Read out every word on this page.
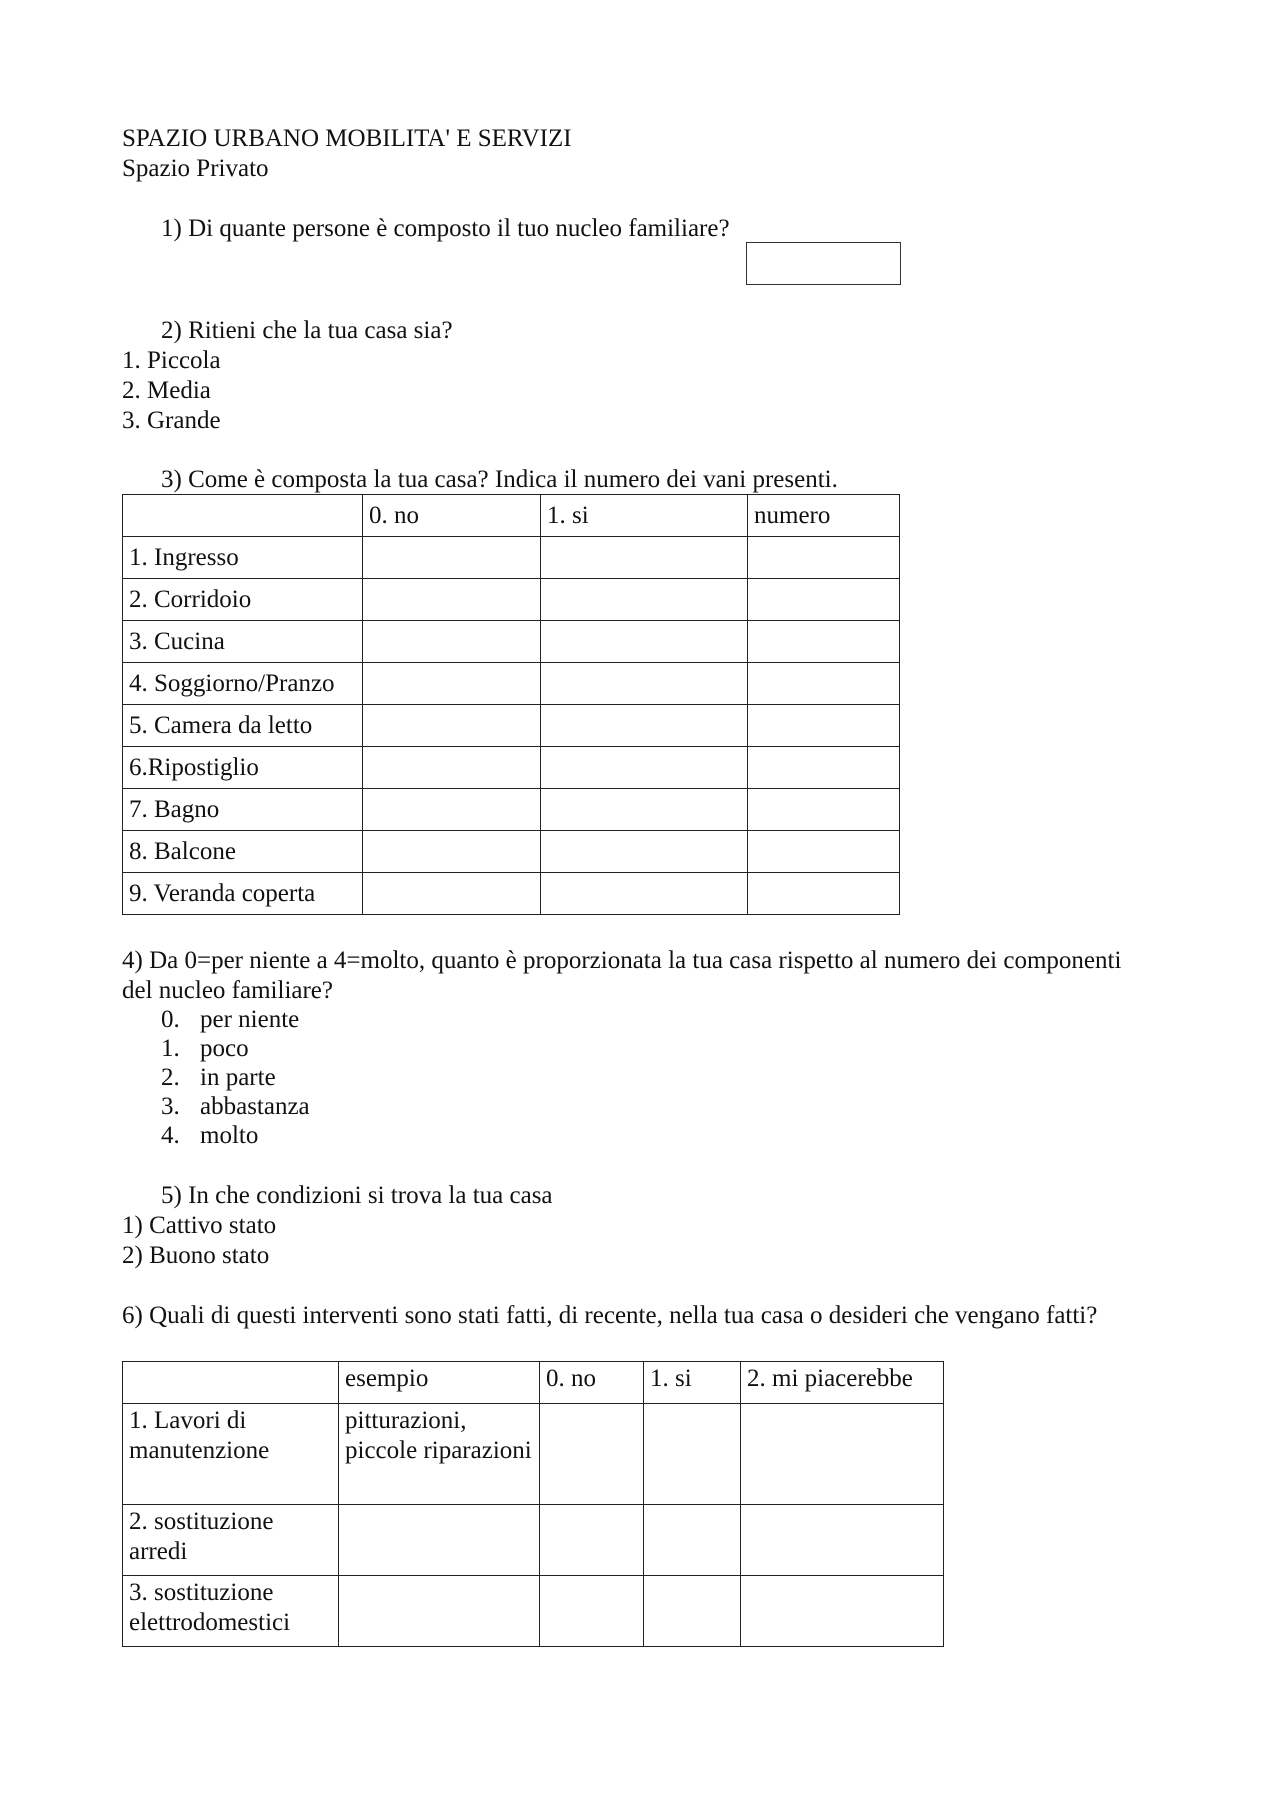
SPAZIO URBANO MOBILITA' E SERVIZI
Spazio Privato
1) Di quante persone è composto il tuo nucleo familiare?
2) Ritieni che la tua casa sia?
1. Piccola
2. Media
3. Grande
3) Come è composta la tua casa? Indica il numero dei vani presenti.
	0. no	1. si	numero
1. Ingresso			
2. Corridoio			
3. Cucina			
4. Soggiorno/Pranzo			
5. Camera da letto			
6.Ripostiglio			
7. Bagno			
8. Balcone			
9. Veranda coperta			
4) Da 0=per niente a 4=molto, quanto è proporzionata la tua casa rispetto al numero dei componenti
del nucleo familiare?
0. per niente
1. poco
2. in parte
3. abbastanza
4. molto
5) In che condizioni si trova la tua casa
1) Cattivo stato
2) Buono stato
6) Quali di questi interventi sono stati fatti, di recente, nella tua casa o desideri che vengano fatti?
	esempio	0. no	1. si	2. mi piacerebbe
1. Lavori di manutenzione	pitturazioni, piccole riparazioni			
2. sostituzione arredi				
3. sostituzione elettrodomestici				
